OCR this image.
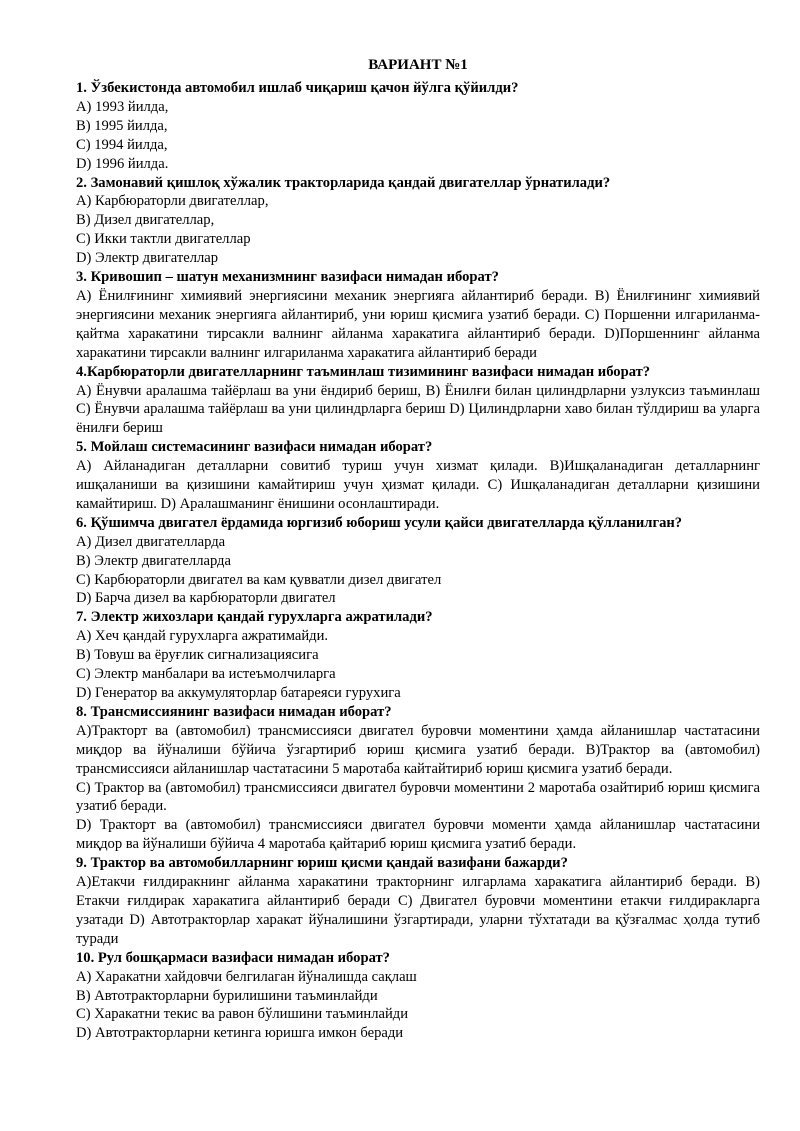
ВАРИАНТ №1
1. Ўзбекистонда автомобил ишлаб чиқариш қачон йўлга қўйилди?
А) 1993 йилда,
В) 1995 йилда,
С) 1994 йилда,
D) 1996 йилда.
2. Замонавий қишлоқ хўжалик тракторларида қандай двигателлар ўрнатилади?
А) Карбюраторли двигателлар,
В) Дизел двигателлар,
С) Икки тактли двигателлар
D) Электр двигателлар
3. Кривошип – шатун механизмнинг вазифаси нимадан иборат?
А) Ёнилғининг химиявий энергиясини механик энергияга айлантириб беради. В) Ёнилғининг химиявий энергиясини механик энергияга айлантириб, уни юриш қисмига узатиб беради. С) Поршенни илгариланма-қайтма харакатини тирсакли валнинг айланма харакатига айлантириб беради. D)Поршеннинг айланма харакатини тирсакли валнинг илгариланма харакатига айлантириб беради
4.Карбюраторли двигателларнинг таъминлаш тизимининг вазифаси нимадан иборат?
А) Ёнувчи аралашма тайёрлаш ва уни ёндириб бериш, В) Ёнилғи билан цилиндрларни узлуксиз таъминлаш С) Ёнувчи аралашма тайёрлаш ва уни цилиндрларга бериш D) Цилиндрларни хаво билан тўлдириш ва уларга ёнилғи бериш
5. Мойлаш системасининг вазифаси нимадан иборат?
А) Айланадиган деталларни совитиб туриш учун хизмат қилади. В)Ишқаланадиган деталларнинг ишқаланиши ва қизишини камайтириш учун ҳизмат қилади. С) Ишқаланадиган деталларни қизишини камайтириш. D) Аралашманинг ёнишини осонлаштиради.
6. Қўшимча двигател ёрдамида юргизиб юбориш усули қайси двигателларда қўлланилган?
А) Дизел двигателларда
В) Электр двигателларда
С) Карбюраторли двигател ва кам қувватли дизел двигател
D) Барча дизел ва карбюраторли двигател
7. Электр жихозлари қандай гурухларга ажратилади?
А) Хеч қандай гурухларга ажратимайди.
В) Товуш ва ёруғлик сигнализациясига
С) Электр манбалари ва истеъмолчиларга
D) Генератор ва аккумуляторлар батареяси гурухига
8. Трансмиссиянинг вазифаси нимадан иборат?
А)Тракторт ва (автомобил) трансмиссияси двигател буровчи моментини ҳамда айланишлар частатасини миқдор ва йўналиши бўйича ўзгартириб юриш қисмига узатиб беради. В)Трактор ва (автомобил) трансмиссияси айланишлар частатасини 5 маротаба кайтайтириб юриш қисмига узатиб беради.
С) Трактор ва (автомобил) трансмиссияси двигател буровчи моментини 2 маротаба озайтириб юриш қисмига узатиб беради.
D) Тракторт ва (автомобил) трансмиссияси двигател буровчи моменти ҳамда айланишлар частатасини миқдор ва йўналиши бўйича 4 маротаба қайтариб юриш қисмига узатиб беради.
9. Трактор ва автомобилларнинг юриш қисми қандай вазифани бажарди?
А)Етакчи ғилдиракнинг айланма харакатини тракторнинг илгарлама харакатига айлантириб беради. В) Етакчи ғилдирак харакатига айлантириб беради С) Двигател буровчи моментини етакчи ғилдиракларга узатади D) Автотракторлар харакат йўналишини ўзгартиради, уларни тўхтатади ва қўзғалмас ҳолда тутиб туради
10. Рул бошқармаси вазифаси нимадан иборат?
А) Харакатни хайдовчи белгилаган йўналишда сақлаш
В) Автотракторларни бурилишини таъминлайди
С) Харакатни текис ва равон бўлишини таъминлайди
D) Автотракторларни кетинга юришга имкон беради
